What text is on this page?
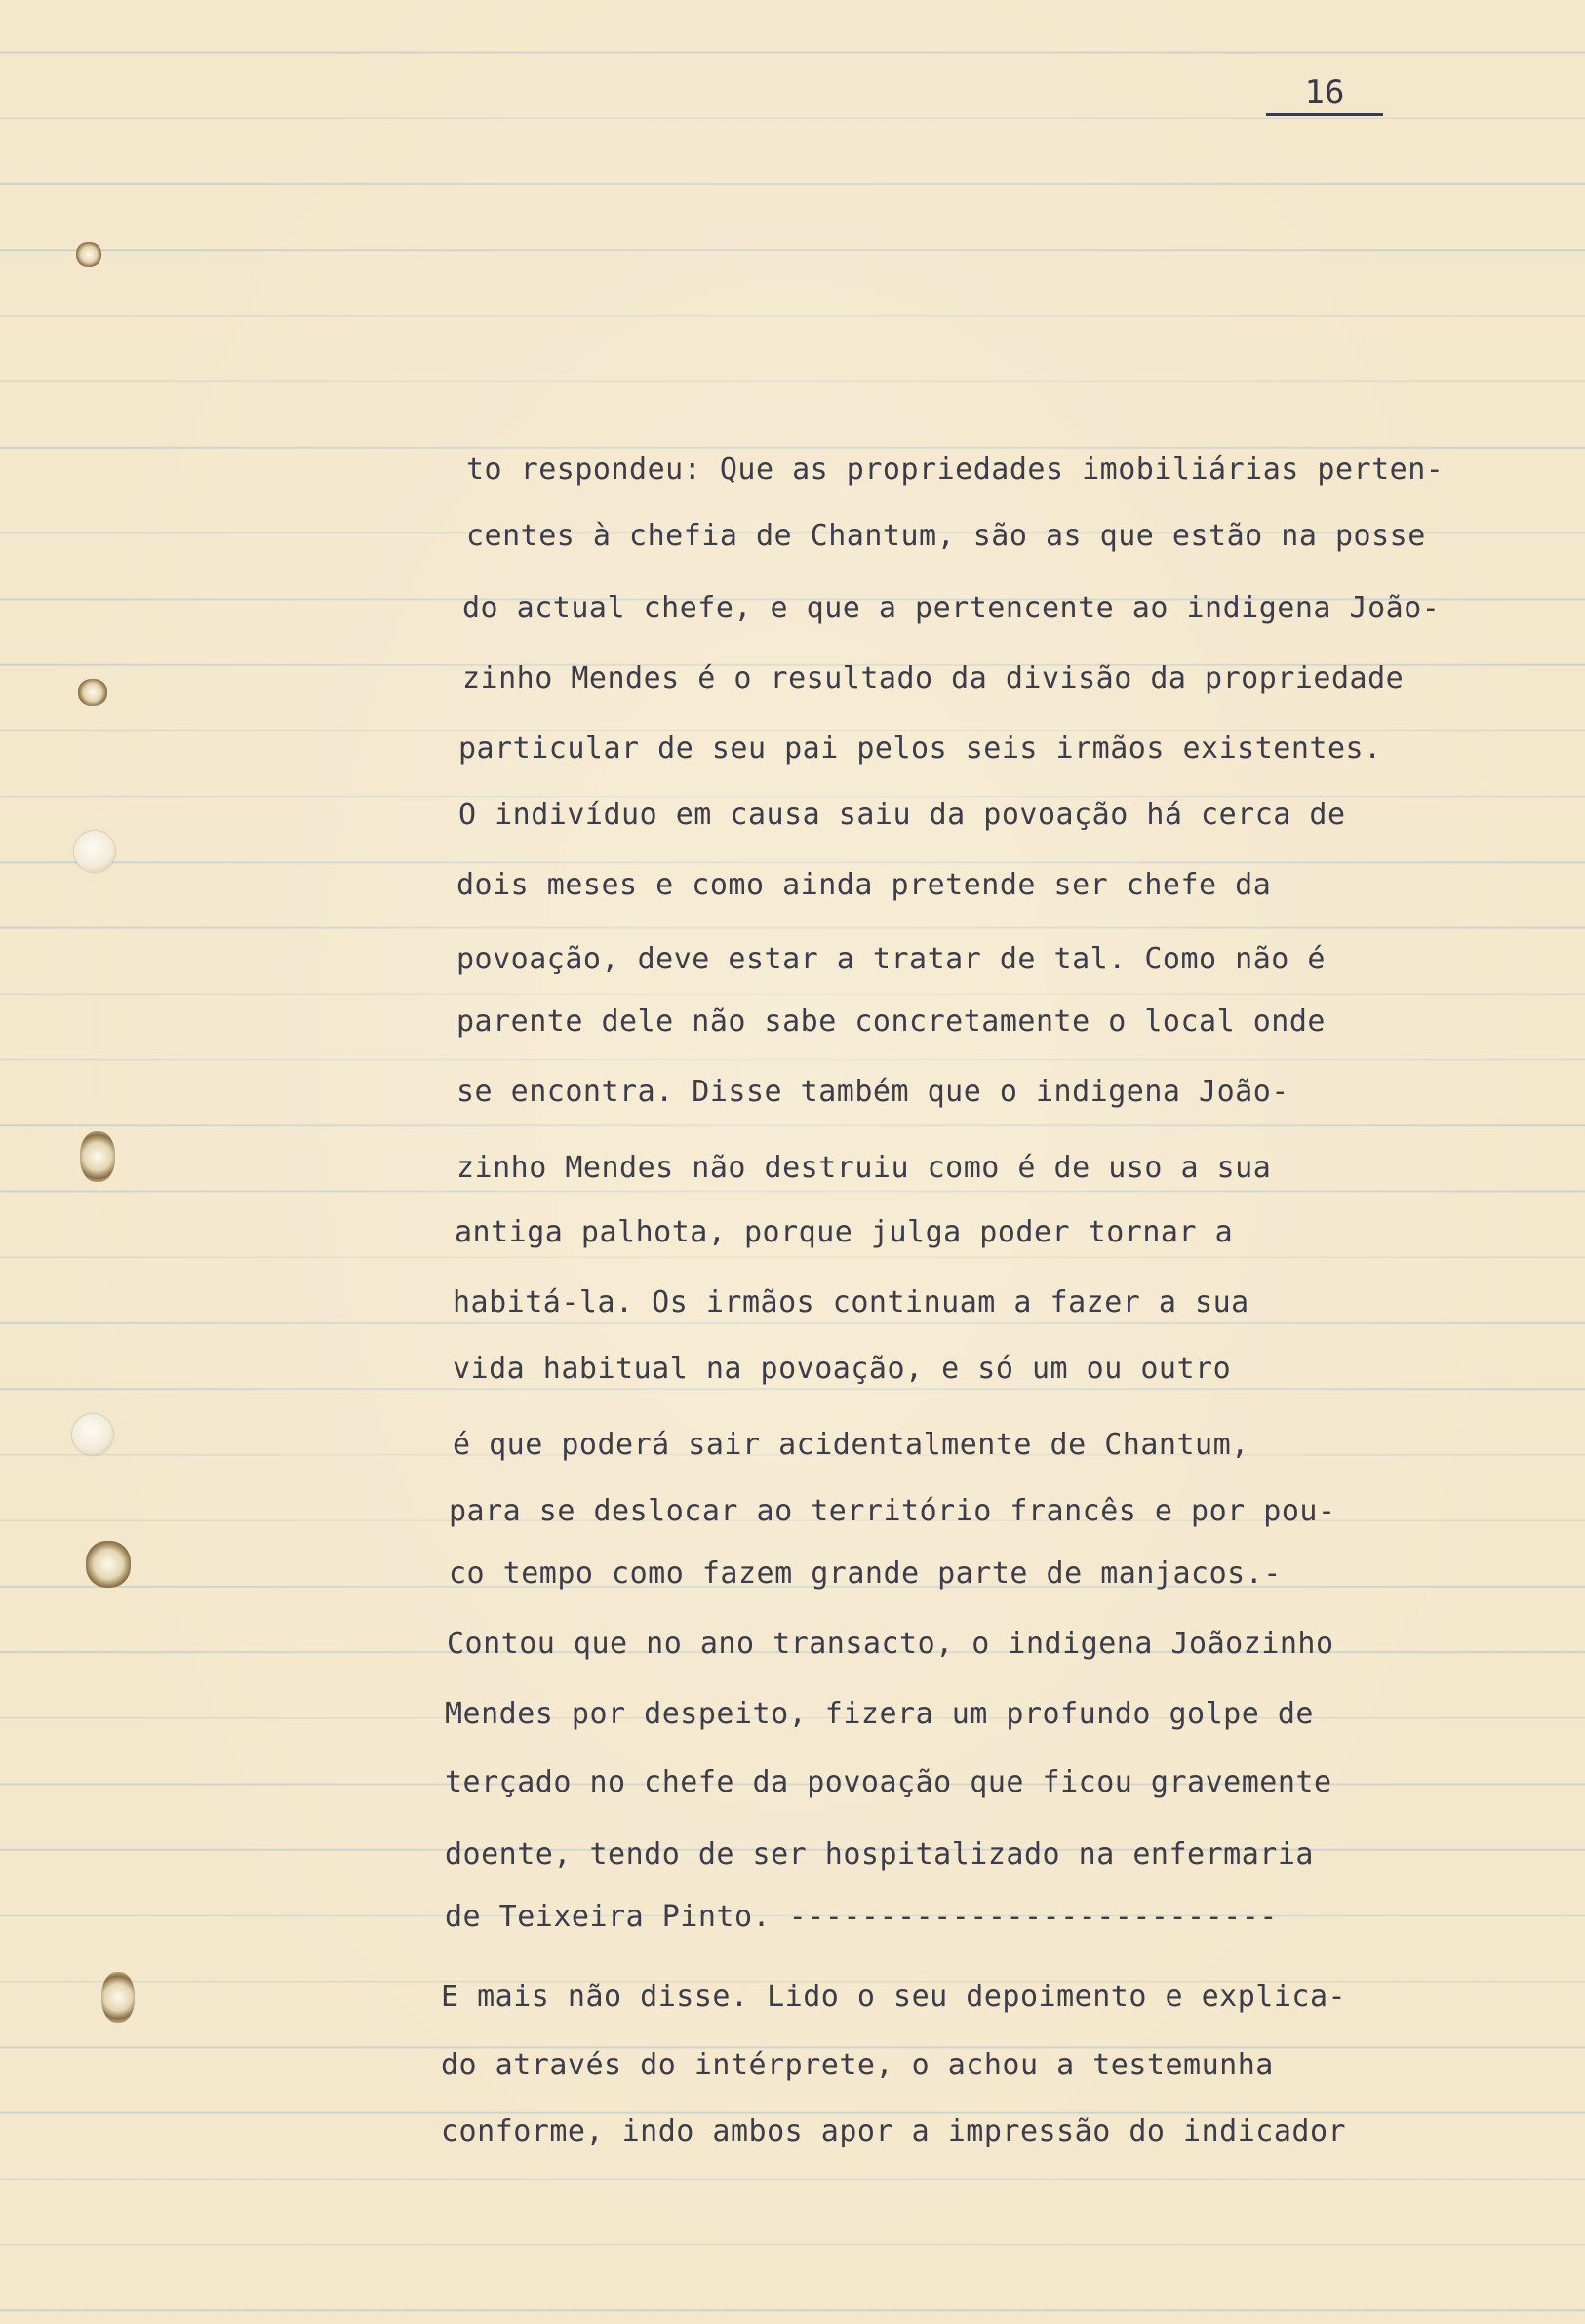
16
to respondeu: Que as propriedades imobiliárias perten-
centes à chefia de Chantum, são as que estão na posse
do actual chefe, e que a pertencente ao indigena João-
zinho Mendes é o resultado da divisão da propriedade
particular de seu pai pelos seis irmãos existentes.
O indivíduo em causa saiu da povoação há cerca de
dois meses e como ainda pretende ser chefe da
povoação, deve estar a tratar de tal. Como não é
parente dele não sabe concretamente o local onde
se encontra. Disse também que o indigena João-
zinho Mendes não destruiu como é de uso a sua
antiga palhota, porque julga poder tornar a
habitá-la. Os irmãos continuam a fazer a sua
vida habitual na povoação, e só um ou outro
é que poderá sair acidentalmente de Chantum,
para se deslocar ao território francês e por pou-
co tempo como fazem grande parte de manjacos.-
Contou que no ano transacto, o indigena Joãozinho
Mendes por despeito, fizera um profundo golpe de
terçado no chefe da povoação que ficou gravemente
doente, tendo de ser hospitalizado na enfermaria
de Teixeira Pinto. ---------------------------
E mais não disse. Lido o seu depoimento e explica-
do através do intérprete, o achou a testemunha
conforme, indo ambos apor a impressão do indicador
